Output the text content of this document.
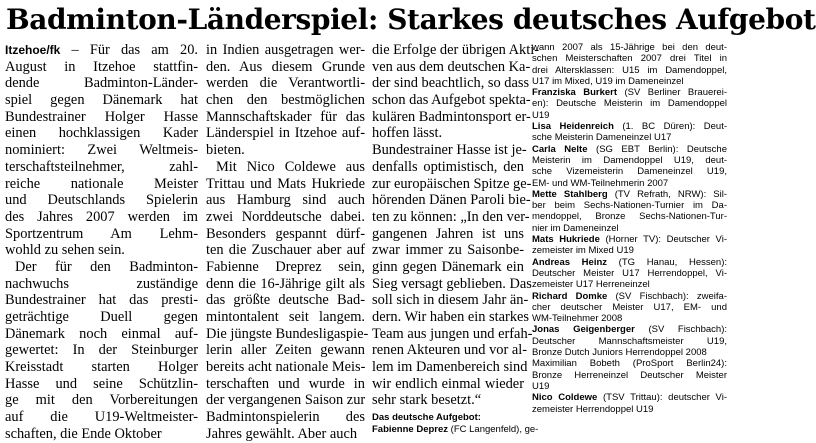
Badminton-Länderspiel: Starkes deutsches Aufgebot
Itzehoe/fk – Für das am 20.
August in Itzehoe stattfin-
dende Badminton-Länder-
spiel gegen Dänemark hat
Bundestrainer Holger Hasse
einen hochklassigen Kader
nominiert: Zwei Weltmeis-
terschaftsteilnehmer, zahl-
reiche nationale Meister
und Deutschlands Spielerin
des Jahres 2007 werden im
Sportzentrum Am Lehm-
wohld zu sehen sein.
Der für den Badminton-
nachwuchs zuständige
Bundestrainer hat das presti-
geträchtige Duell gegen
Dänemark noch einmal auf-
gewertet: In der Steinburger
Kreisstadt starten Holger
Hasse und seine Schützlin-
ge mit den Vorbereitungen
auf die U19-Weltmeister-
schaften, die Ende Oktober
in Indien ausgetragen wer-
den. Aus diesem Grunde
werden die Verantwortli-
chen den bestmöglichen
Mannschaftskader für das
Länderspiel in Itzehoe auf-
bieten.
Mit Nico Coldewe aus
Trittau und Mats Hukriede
aus Hamburg sind auch
zwei Norddeutsche dabei.
Besonders gespannt dürf-
ten die Zuschauer aber auf
Fabienne Dreprez sein,
denn die 16-Jährige gilt als
das größte deutsche Bad-
mintontalent seit langem.
Die jüngste Bundesligaspie-
lerin aller Zeiten gewann
bereits acht nationale Meis-
terschaften und wurde in
der vergangenen Saison zur
Badmintonspielerin des
Jahres gewählt. Aber auch
die Erfolge der übrigen Akti-
ven aus dem deutschen Ka-
der sind beachtlich, so dass
schon das Aufgebot spekta-
kulären Badmintonsport er-
hoffen lässt.
Bundestrainer Hasse ist je-
denfalls optimistisch, den
zur europäischen Spitze ge-
hörenden Dänen Paroli bie-
ten zu können: „In den ver-
gangenen Jahren ist uns
zwar immer zu Saisonbe-
ginn gegen Dänemark ein
Sieg versagt geblieben. Das
soll sich in diesem Jahr än-
dern. Wir haben ein starkes
Team aus jungen und erfah-
renen Akteuren und vor al-
lem im Damenbereich sind
wir endlich einmal wieder
sehr stark besetzt.“
Das deutsche Aufgebot:
Fabienne Deprez (FC Langenfeld), ge-
wann 2007 als 15-Jährige bei den deut-
schen Meisterschaften 2007 drei Titel in
drei Altersklassen: U15 im Damendoppel,
U17 im Mixed, U19 im Dameneinzel
Franziska Burkert (SV Berliner Brauerei-
en): Deutsche Meisterin im Damendoppel
U19
Lisa Heidenreich (1. BC Düren): Deut-
sche Meisterin Dameneinzel U17
Carla Nelte (SG EBT Berlin): Deutsche
Meisterin im Damendoppel U19, deut-
sche Vizemeisterin Dameneinzel U19,
EM- und WM-Teilnehmerin 2007
Mette Stahlberg (TV Refrath, NRW): Sil-
ber beim Sechs-Nationen-Turnier im Da-
mendoppel, Bronze Sechs-Nationen-Tur-
nier im Dameneinzel
Mats Hukriede (Horner TV): Deutscher Vi-
zemeister im Mixed U19
Andreas Heinz (TG Hanau, Hessen):
Deutscher Meister U17 Herrendoppel, Vi-
zemeister U17 Herreneinzel
Richard Domke (SV Fischbach): zweifa-
cher deutscher Meister U17, EM- und
WM-Teilnehmer 2008
Jonas Geigenberger (SV Fischbach):
Deutscher Mannschaftsmeister U19,
Bronze Dutch Juniors Herrendoppel 2008
Maximilian Bobeth (ProSport Berlin24):
Bronze Herreneinzel Deutscher Meister
U19
Nico Coldewe (TSV Trittau): deutscher Vi-
zemeister Herrendoppel U19
